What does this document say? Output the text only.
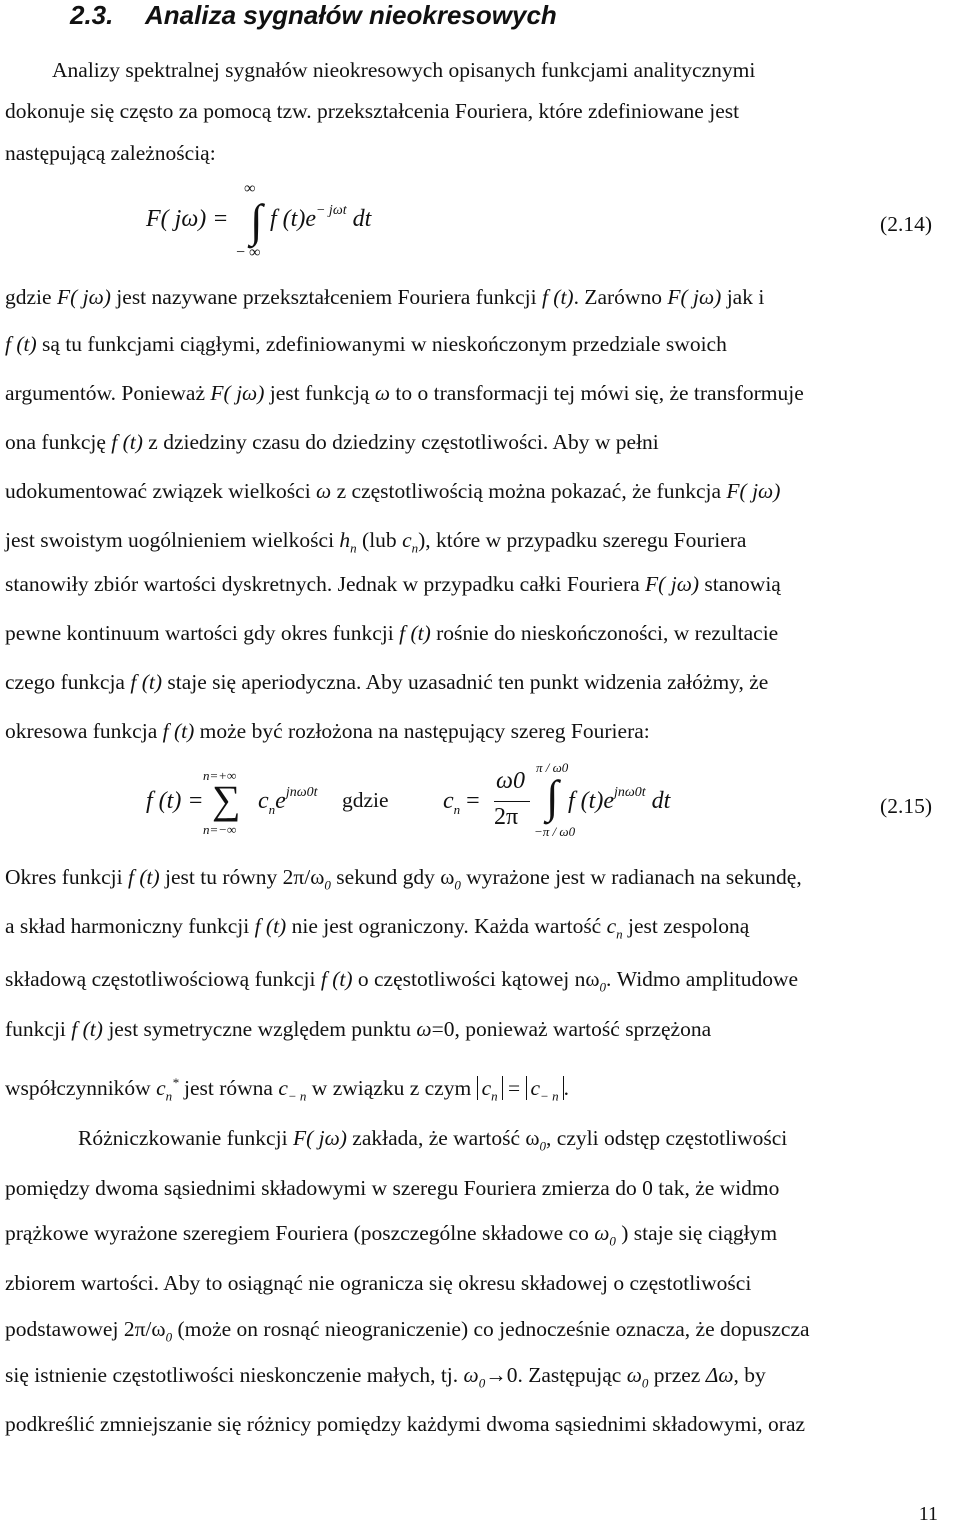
2.3. Analiza sygnałów nieokresowych
Analizy spektralnej sygnałów nieokresowych opisanych funkcjami analitycznymi
dokonuje się często za pomocą tzw. przekształcenia Fouriera, które zdefiniowane jest
następującą zależnością:
F( jω) =
∞
∫
− ∞
f $(t)e^{- j\omega t}$ dt	(2.14)
gdzie F( jω) jest nazywane przekształceniem Fouriera funkcji f (t). Zarówno F( jω) jak i
f (t) są tu funkcjami ciągłymi, zdefiniowanymi w nieskończonym przedziale swoich
argumentów. Ponieważ F( jω) jest funkcją ω to o transformacji tej mówi się, że transformuje
ona funkcję f (t) z dziedziny czasu do dziedziny częstotliwości. Aby w pełni
udokumentować związek wielkości ω z częstotliwością można pokazać, że funkcja F( jω)
jest swoistym uogólnieniem wielkości $h_n$ (lub $c_n$), które w przypadku szeregu Fouriera
stanowiły zbiór wartości dyskretnych. Jednak w przypadku całki Fouriera F( jω) stanowią
pewne kontinuum wartości gdy okres funkcji f (t) rośnie do nieskończoności, w rezultacie
czego funkcja f (t) staje się aperiodyczna. Aby uzasadnić ten punkt widzenia załóżmy, że
okresowa funkcja f (t) może być rozłożona na następujący szereg Fouriera:
f (t) =
n=+∞
∑
n=−∞
$c_ne^{jn\omega 0t}$ gdzie $c_n$ =
ω0
2π
π / ω0
∫
−π / ω0
f $(t)e^{jn\omega 0t}$ dt	(2.15)
Okres funkcji f (t) jest tu równy $2\pi/\omega_0$ sekund gdy $\omega_0$ wyrażone jest w radianach na sekundę,
a skład harmoniczny funkcji f (t) nie jest ograniczony. Każda wartość $c_n$ jest zespoloną
składową częstotliwościową funkcji f (t) o częstotliwości kątowej $n\omega_0$. Widmo amplitudowe
funkcji f (t) jest symetryczne względem punktu ω=0, ponieważ wartość sprzężona
współczynników $c_n^*$ jest równa $c_{- n}$ w związku z czym $c_n = c_{- n}$ .
Różniczkowanie funkcji F( jω) zakłada, że wartość $\omega_0$, czyli odstęp częstotliwości
pomiędzy dwoma sąsiednimi składowymi w szeregu Fouriera zmierza do 0 tak, że widmo
prążkowe wyrażone szeregiem Fouriera (poszczególne składowe co $\omega_0$ ) staje się ciągłym
zbiorem wartości. Aby to osiągnąć nie ogranicza się okresu składowej o częstotliwości
podstawowej $2\pi/\omega_0$ (może on rosnąć nieograniczenie) co jednocześnie oznacza, że dopuszcza
się istnienie częstotliwości nieskonczenie małych, tj. $\omega_0\to 0$. Zastępując $\omega_0$ przez Δω, by
podkreślić zmniejszanie się różnicy pomiędzy każdymi dwoma sąsiednimi składowymi, oraz
11
